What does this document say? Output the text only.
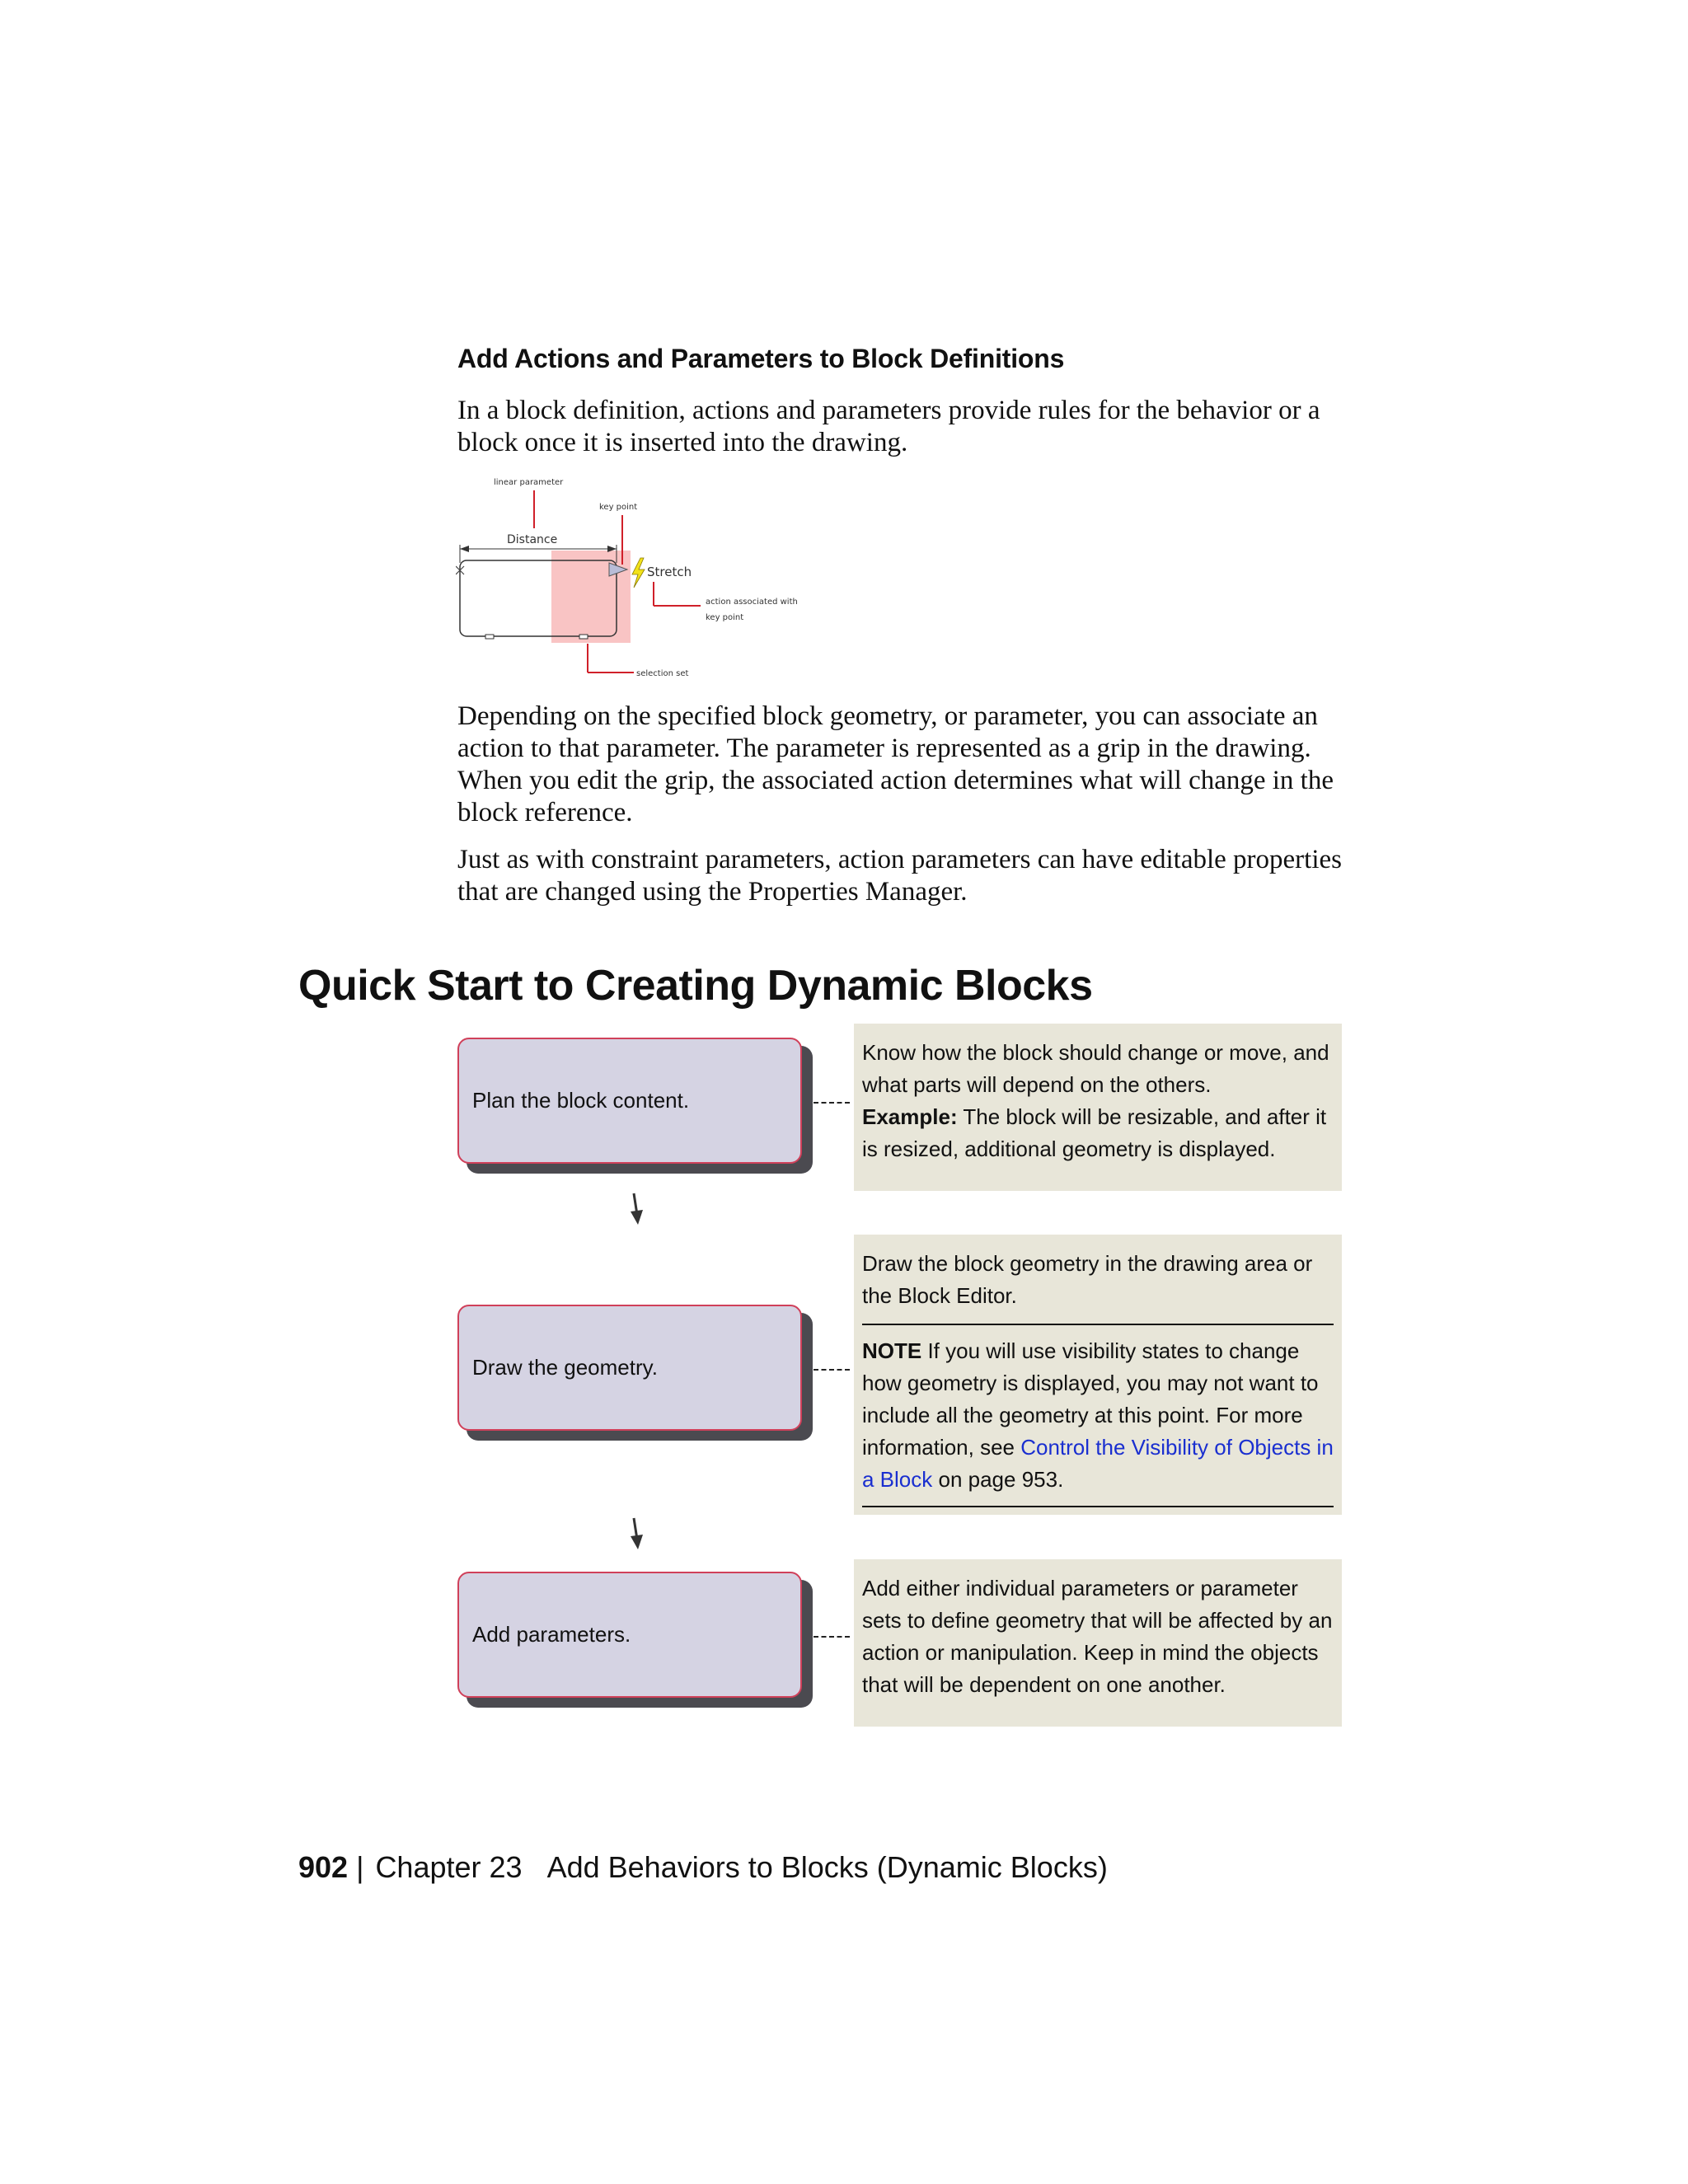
Add Actions and Parameters to Block Definitions
In a block definition, actions and parameters provide rules for the behavior or a block once it is inserted into the drawing.
Distance
linear parameter
key point
Stretch
action associated with
key point
selection set
Depending on the specified block geometry, or parameter, you can associate an action to that parameter. The parameter is represented as a grip in the drawing. When you edit the grip, the associated action determines what will change in the block reference.
Just as with constraint parameters, action parameters can have editable properties that are changed using the Properties Manager.
Quick Start to Creating Dynamic Blocks
Plan the block content.

Know how the block should change or move, and what parts will depend on the others.

Example: The block will be resizable, and after it is resized, additional geometry is displayed.

Draw the geometry.

Draw the block geometry in the drawing area or the Block Editor.

NOTE If you will use visibility states to change how geometry is displayed, you may not want to include all the geometry at this point. For more information, see Control the Visibility of Objects in a Block on page 953.

Add parameters.

Add either individual parameters or parameter sets to define geometry that will be affected by an action or manipulation. Keep in mind the objects that will be dependent on one another.

902 | Chapter 23 Add Behaviors to Blocks (Dynamic Blocks)
